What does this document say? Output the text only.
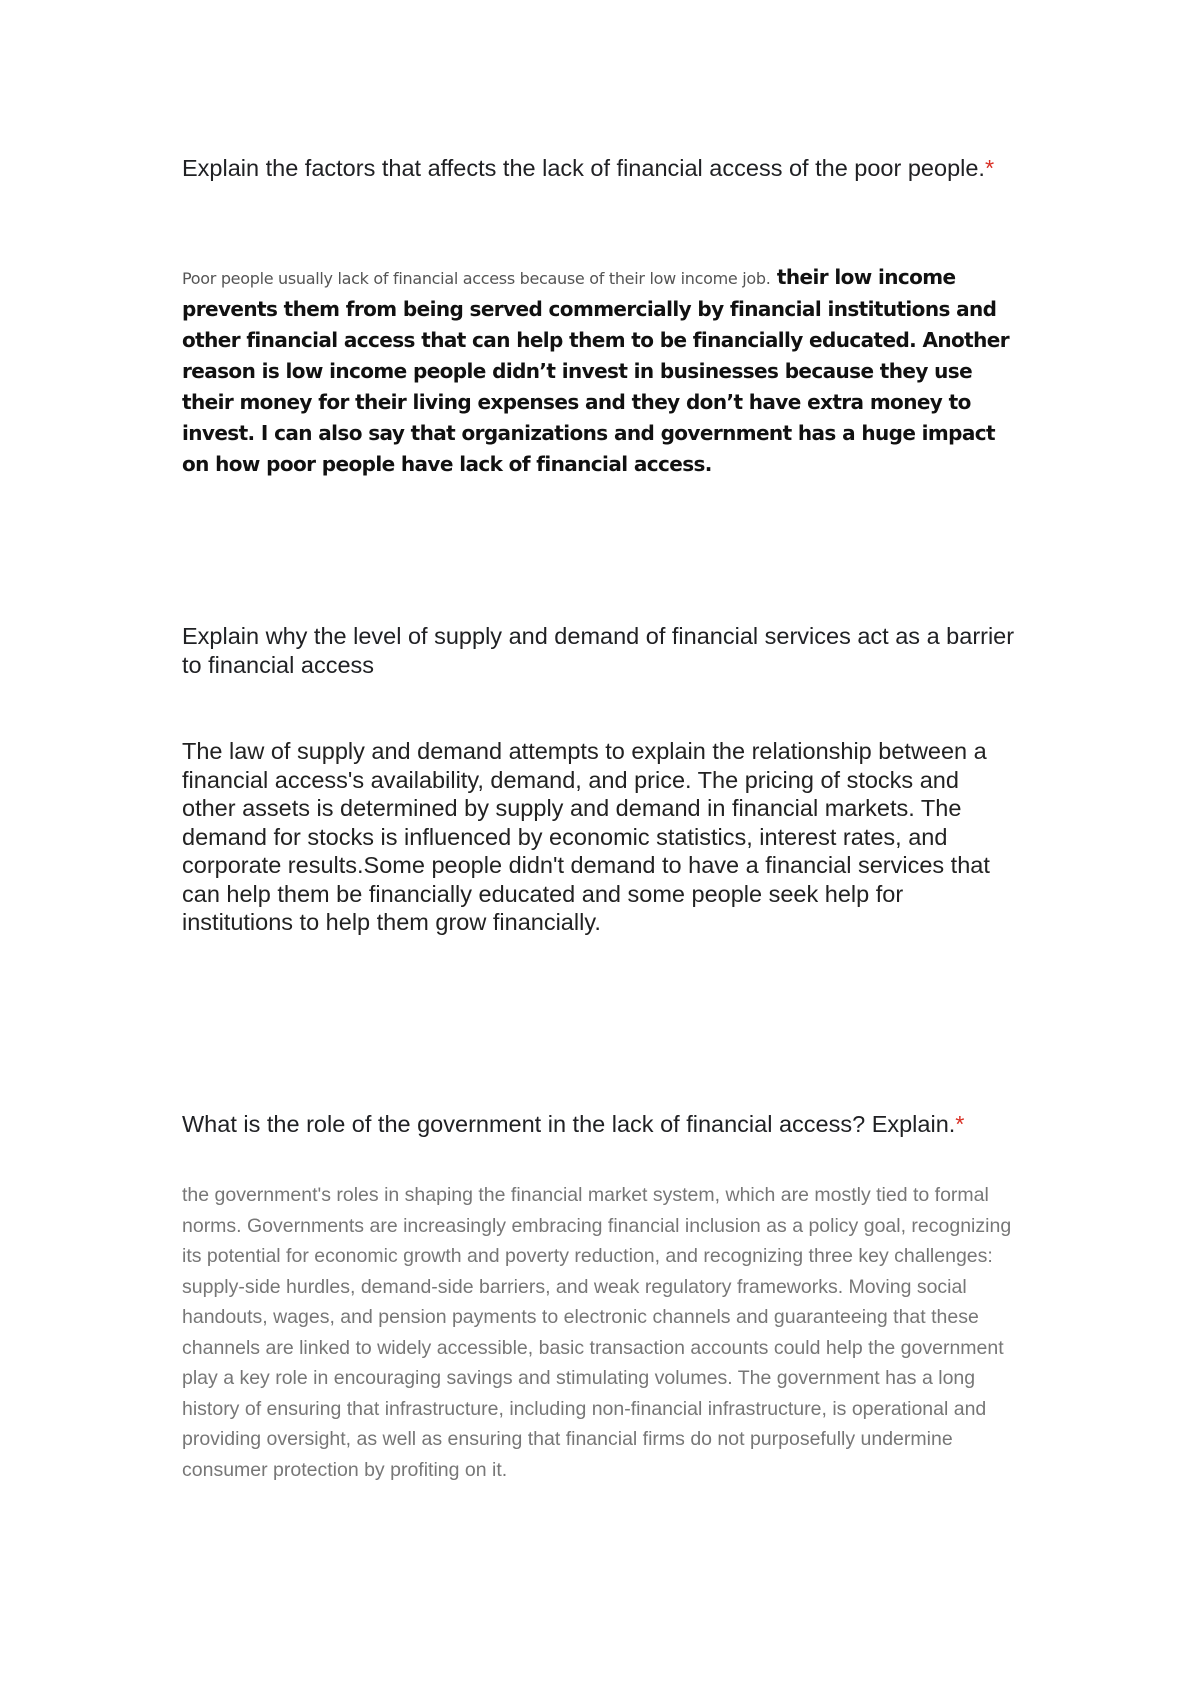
Explain the factors that affects the lack of financial access of the poor people.*
Poor people usually lack of financial access because of their low income job. their low income prevents them from being served commercially by financial institutions and other financial access that can help them to be financially educated. Another reason is low income people didn’t invest in businesses because they use their money for their living expenses and they don’t have extra money to invest. I can also say that organizations and government has a huge impact on how poor people have lack of financial access.
Explain why the level of supply and demand of financial services act as a barrier to financial access
The law of supply and demand attempts to explain the relationship between a financial access's availability, demand, and price. The pricing of stocks and other assets is determined by supply and demand in financial markets. The demand for stocks is influenced by economic statistics, interest rates, and corporate results.Some people didn't demand to have a financial services that can help them be financially educated and some people seek help for institutions to help them grow financially.
What is the role of the government in the lack of financial access? Explain.*
the government's roles in shaping the financial market system, which are mostly tied to formal norms. Governments are increasingly embracing financial inclusion as a policy goal, recognizing its potential for economic growth and poverty reduction, and recognizing three key challenges: supply-side hurdles, demand-side barriers, and weak regulatory frameworks. Moving social handouts, wages, and pension payments to electronic channels and guaranteeing that these channels are linked to widely accessible, basic transaction accounts could help the government play a key role in encouraging savings and stimulating volumes. The government has a long history of ensuring that infrastructure, including non-financial infrastructure, is operational and providing oversight, as well as ensuring that financial firms do not purposefully undermine consumer protection by profiting on it.
